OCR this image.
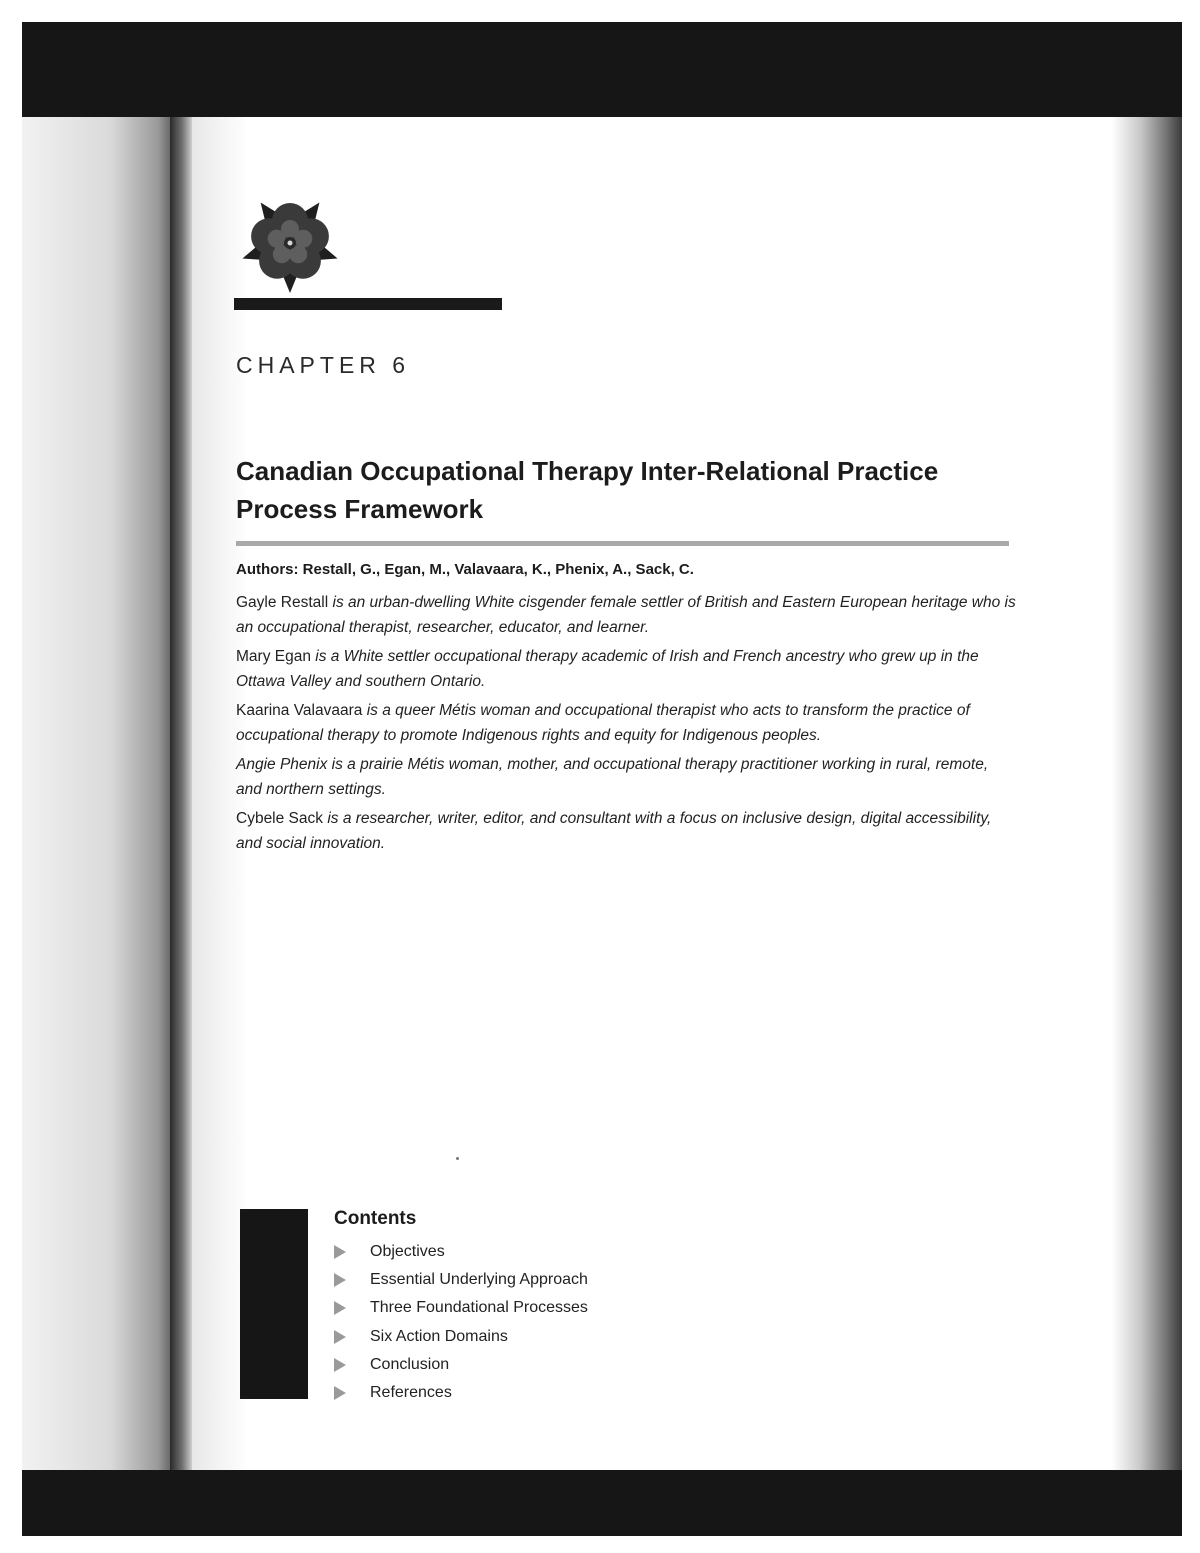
CHAPTER 6
Canadian Occupational Therapy Inter-Relational Practice Process Framework
Authors: Restall, G., Egan, M., Valavaara, K., Phenix, A., Sack, C.

Gayle Restall is an urban-dwelling White cisgender female settler of British and Eastern European heritage who is an occupational therapist, researcher, educator, and learner.

Mary Egan is a White settler occupational therapy academic of Irish and French ancestry who grew up in the Ottawa Valley and southern Ontario.

Kaarina Valavaara is a queer Métis woman and occupational therapist who acts to transform the practice of occupational therapy to promote Indigenous rights and equity for Indigenous peoples.

Angie Phenix is a prairie Métis woman, mother, and occupational therapy practitioner working in rural, remote, and northern settings.

Cybele Sack is a researcher, writer, editor, and consultant with a focus on inclusive design, digital accessibility, and social innovation.

Contents
Objectives
Essential Underlying Approach
Three Foundational Processes
Six Action Domains
Conclusion
References
